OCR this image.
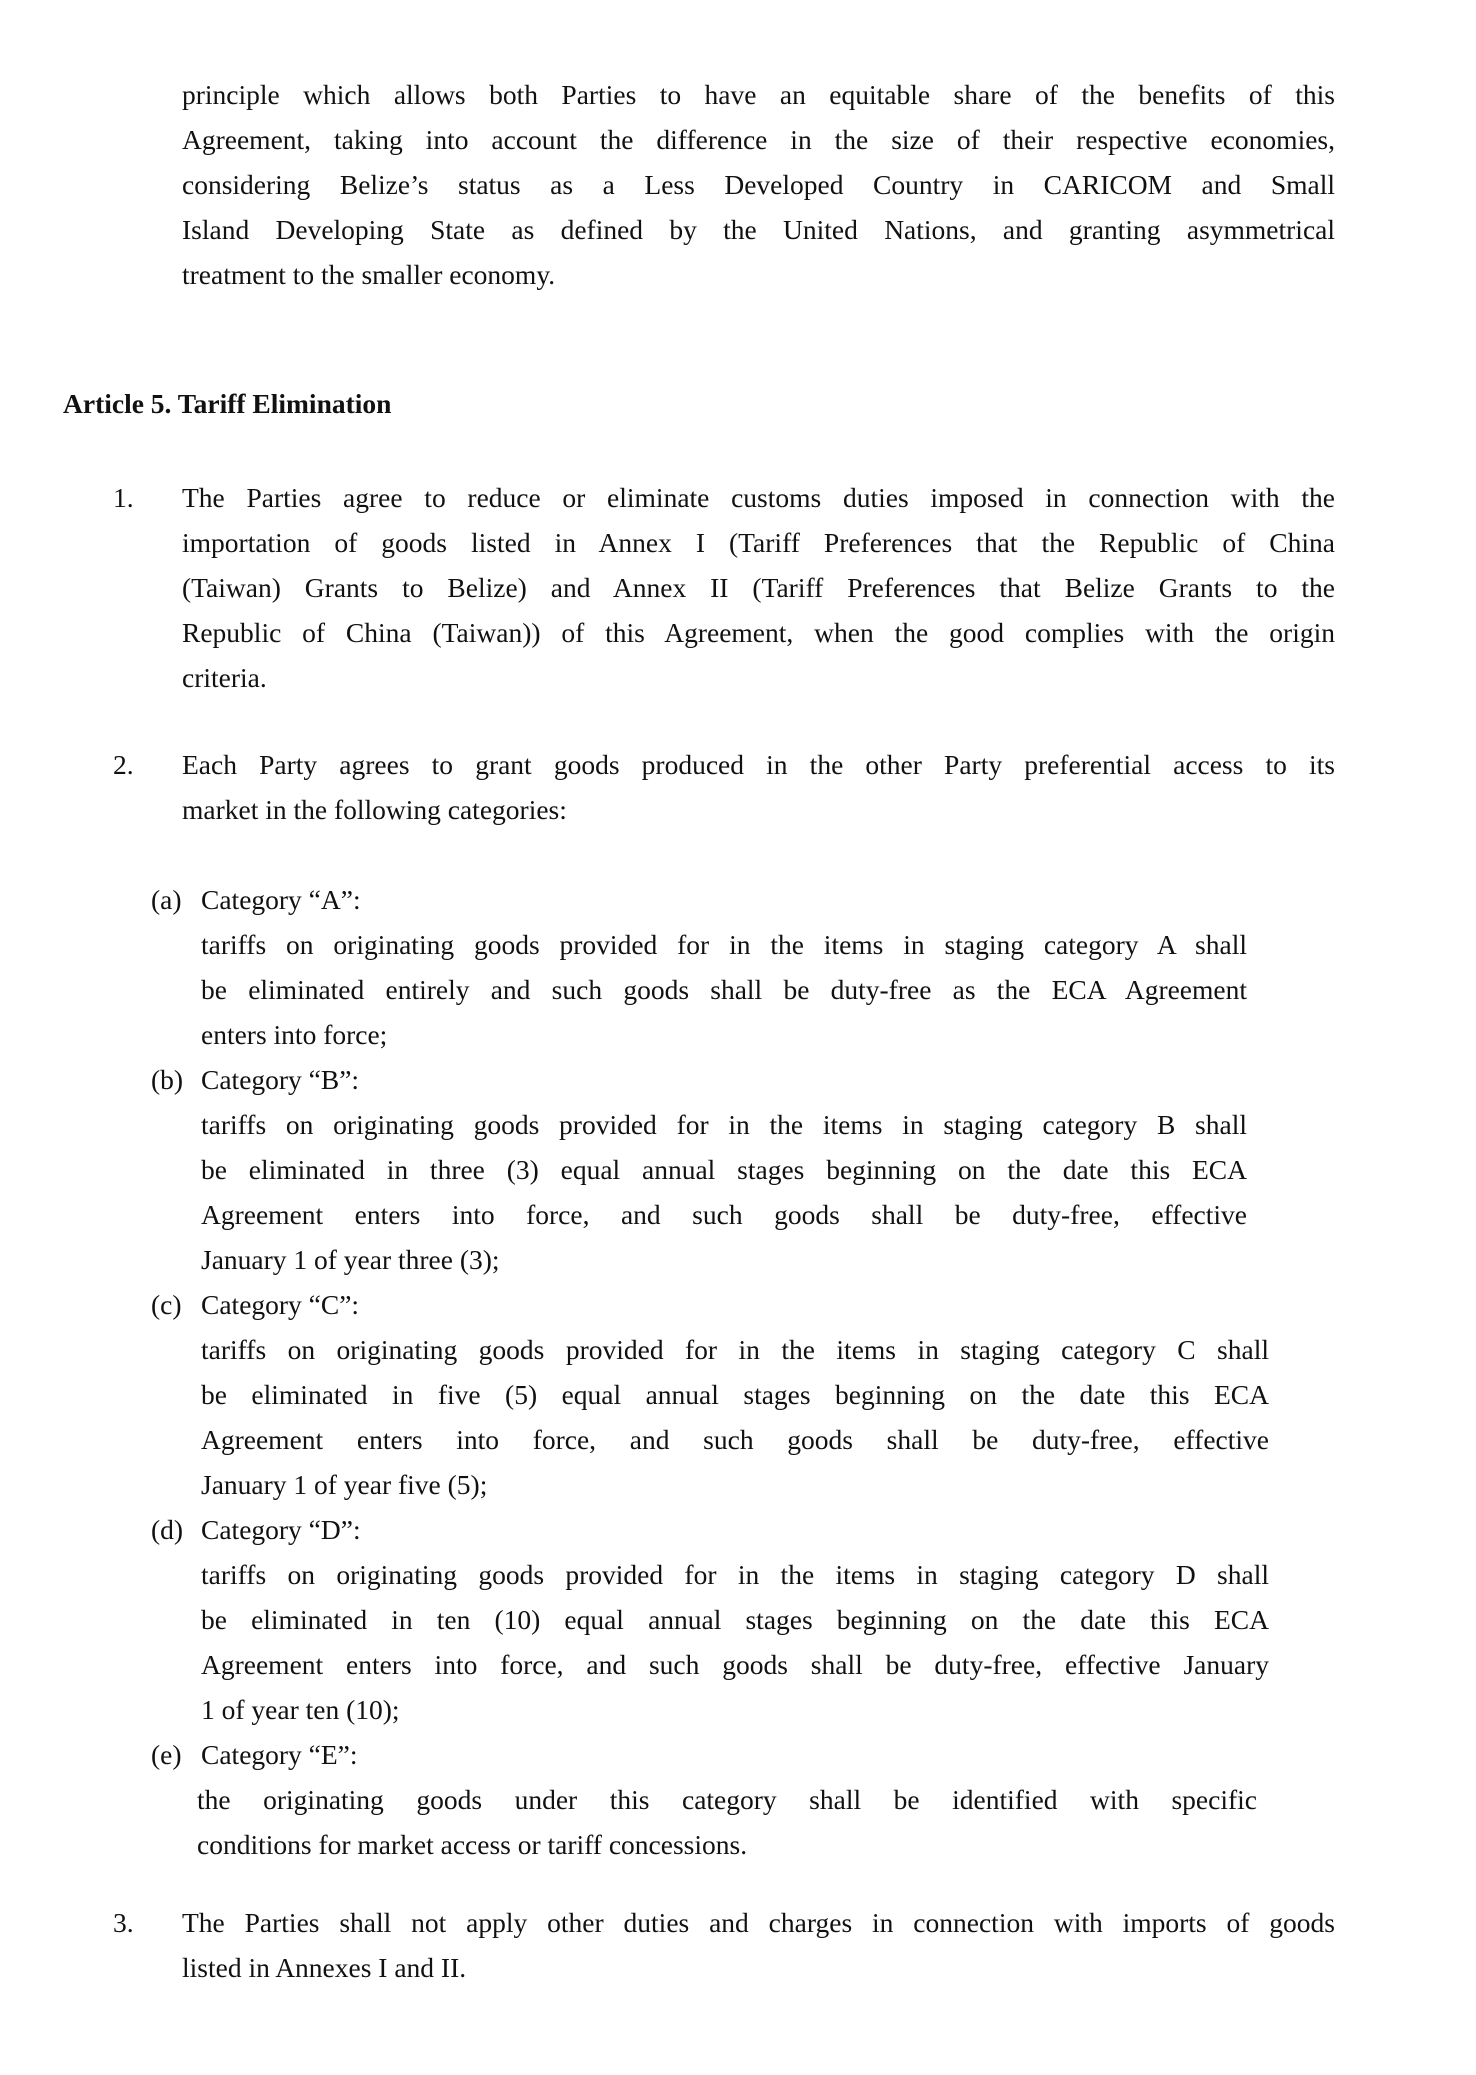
principle which allows both Parties to have an equitable share of the benefits of this
Agreement, taking into account the difference in the size of their respective economies,
considering Belize’s status as a Less Developed Country in CARICOM and Small
Island Developing State as defined by the United Nations, and granting asymmetrical
treatment to the smaller economy.
Article 5. Tariff Elimination
1. The Parties agree to reduce or eliminate customs duties imposed in connection with the
importation of goods listed in Annex I (Tariff Preferences that the Republic of China
(Taiwan) Grants to Belize) and Annex II (Tariff Preferences that Belize Grants to the
Republic of China (Taiwan)) of this Agreement, when the good complies with the origin
criteria.
2. Each Party agrees to grant goods produced in the other Party preferential access to its
market in the following categories:
(a) Category “A”:
tariffs on originating goods provided for in the items in staging category A shall
be eliminated entirely and such goods shall be duty-free as the ECA Agreement
enters into force;
(b) Category “B”:
tariffs on originating goods provided for in the items in staging category B shall
be eliminated in three (3) equal annual stages beginning on the date this ECA
Agreement enters into force, and such goods shall be duty-free, effective
January 1 of year three (3);
(c) Category “C”:
tariffs on originating goods provided for in the items in staging category C shall
be eliminated in five (5) equal annual stages beginning on the date this ECA
Agreement enters into force, and such goods shall be duty-free, effective
January 1 of year five (5);
(d) Category “D”:
tariffs on originating goods provided for in the items in staging category D shall
be eliminated in ten (10) equal annual stages beginning on the date this ECA
Agreement enters into force, and such goods shall be duty-free, effective January
1 of year ten (10);
(e) Category “E”:
the originating goods under this category shall be identified with specific
conditions for market access or tariff concessions.
3. The Parties shall not apply other duties and charges in connection with imports of goods
listed in Annexes I and II.
